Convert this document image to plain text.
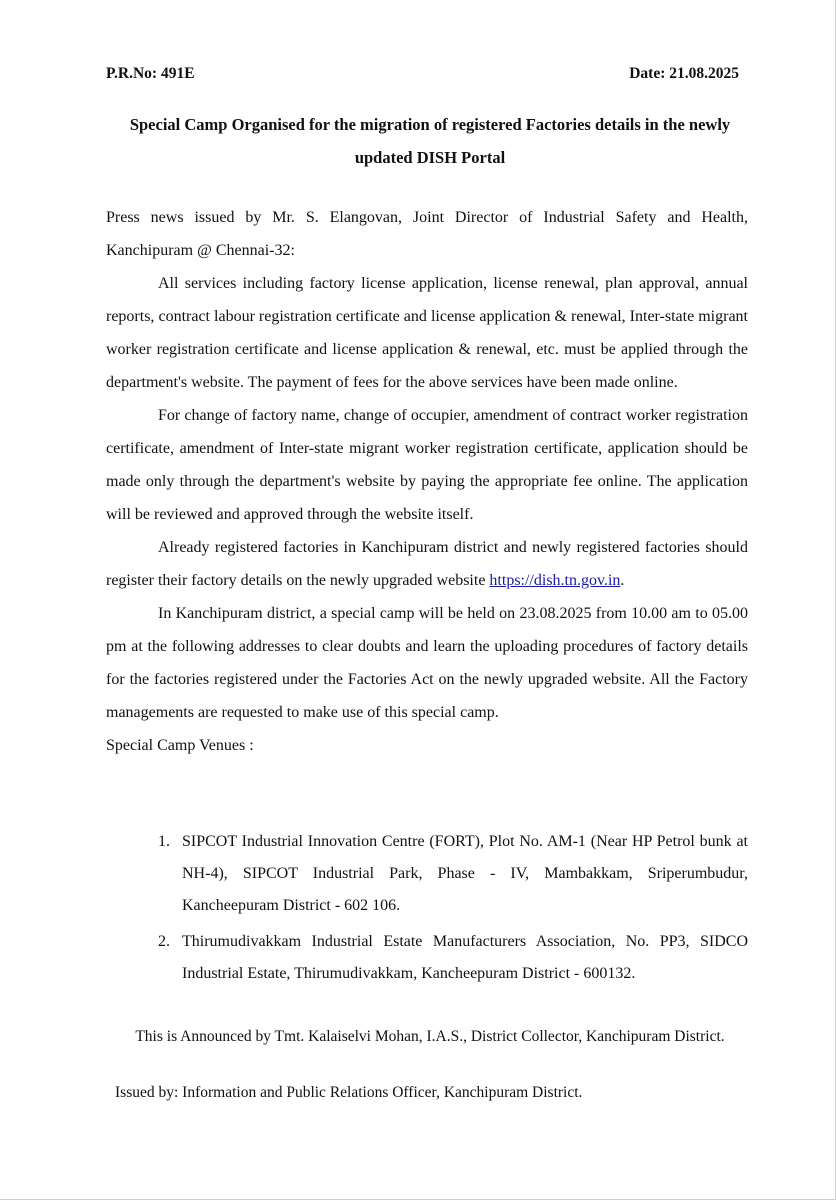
P.R.No: 491E	Date: 21.08.2025
Special Camp Organised for the migration of registered Factories details in the newly
updated DISH Portal

Press news issued by Mr. S. Elangovan, Joint Director of Industrial Safety and Health, Kanchipuram @ Chennai-32:

All services including factory license application, license renewal, plan approval, annual reports, contract labour registration certificate and license application & renewal, Inter-state migrant worker registration certificate and license application & renewal, etc. must be applied through the department's website. The payment of fees for the above services have been made online.

For change of factory name, change of occupier, amendment of contract worker registration certificate, amendment of Inter-state migrant worker registration certificate, application should be made only through the department's website by paying the appropriate fee online. The application will be reviewed and approved through the website itself.

Already registered factories in Kanchipuram district and newly registered factories should register their factory details on the newly upgraded website https://dish.tn.gov.in.

In Kanchipuram district, a special camp will be held on 23.08.2025 from 10.00 am to 05.00 pm at the following addresses to clear doubts and learn the uploading procedures of factory details for the factories registered under the Factories Act on the newly upgraded website. All the Factory managements are requested to make use of this special camp.

Special Camp Venues :

1. SIPCOT Industrial Innovation Centre (FORT), Plot No. AM-1 (Near HP Petrol bunk at NH-4), SIPCOT Industrial Park, Phase - IV, Mambakkam, Sriperumbudur, Kancheepuram District - 602 106.
2. Thirumudivakkam Industrial Estate Manufacturers Association, No. PP3, SIDCO Industrial Estate, Thirumudivakkam, Kancheepuram District - 600132.
This is Announced by Tmt. Kalaiselvi Mohan, I.A.S., District Collector, Kanchipuram District.
Issued by: Information and Public Relations Officer, Kanchipuram District.
